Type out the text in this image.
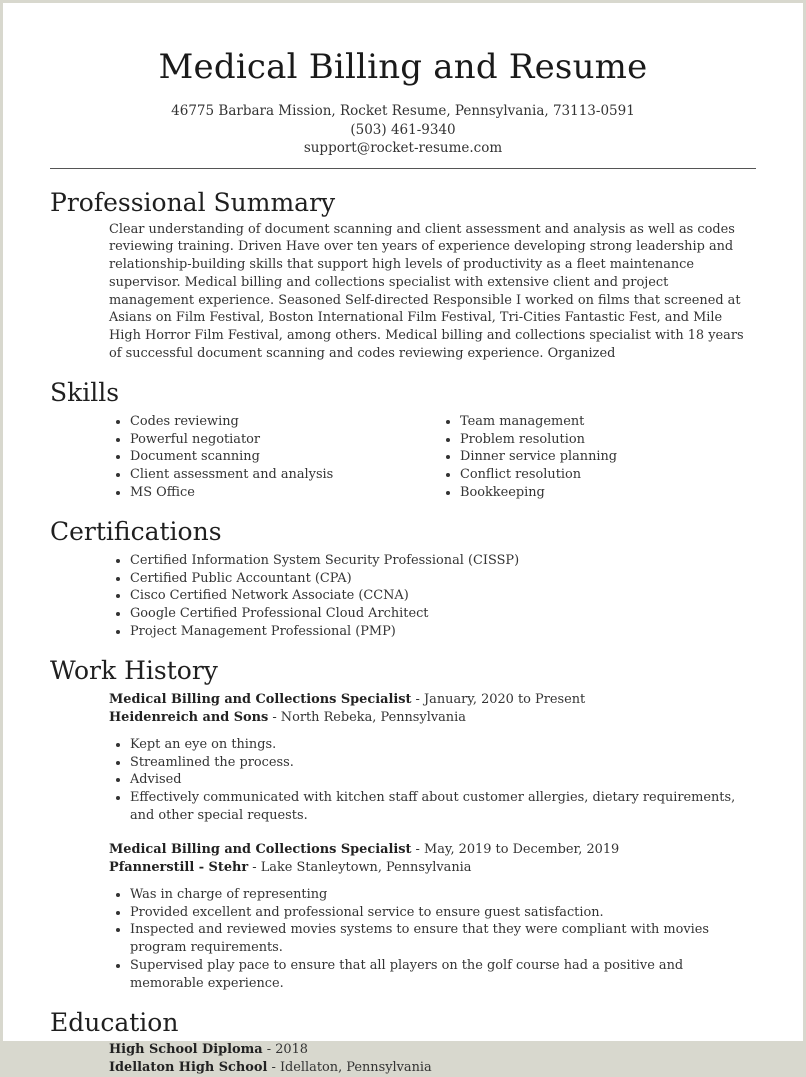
Medical Billing and Resume
46775 Barbara Mission, Rocket Resume, Pennsylvania, 73113-0591
(503) 461-9340
support@rocket-resume.com
Professional Summary
Clear understanding of document scanning and client assessment and analysis as well as codes reviewing training. Driven Have over ten years of experience developing strong leadership and relationship-building skills that support high levels of productivity as a fleet maintenance supervisor. Medical billing and collections specialist with extensive client and project management experience. Seasoned Self-directed Responsible I worked on films that screened at Asians on Film Festival, Boston International Film Festival, Tri-Cities Fantastic Fest, and Mile High Horror Film Festival, among others. Medical billing and collections specialist with 18 years of successful document scanning and codes reviewing experience. Organized
Skills
Codes reviewing
Powerful negotiator
Document scanning
Client assessment and analysis
MS Office
Team management
Problem resolution
Dinner service planning
Conflict resolution
Bookkeeping
Certifications
Certified Information System Security Professional (CISSP)
Certified Public Accountant (CPA)
Cisco Certified Network Associate (CCNA)
Google Certified Professional Cloud Architect
Project Management Professional (PMP)
Work History
Medical Billing and Collections Specialist - January, 2020 to Present
Heidenreich and Sons - North Rebeka, Pennsylvania
Kept an eye on things.
Streamlined the process.
Advised
Effectively communicated with kitchen staff about customer allergies, dietary requirements, and other special requests.
Medical Billing and Collections Specialist - May, 2019 to December, 2019
Pfannerstill - Stehr - Lake Stanleytown, Pennsylvania
Was in charge of representing
Provided excellent and professional service to ensure guest satisfaction.
Inspected and reviewed movies systems to ensure that they were compliant with movies program requirements.
Supervised play pace to ensure that all players on the golf course had a positive and memorable experience.
Education
High School Diploma - 2018
Idellaton High School - Idellaton, Pennsylvania
